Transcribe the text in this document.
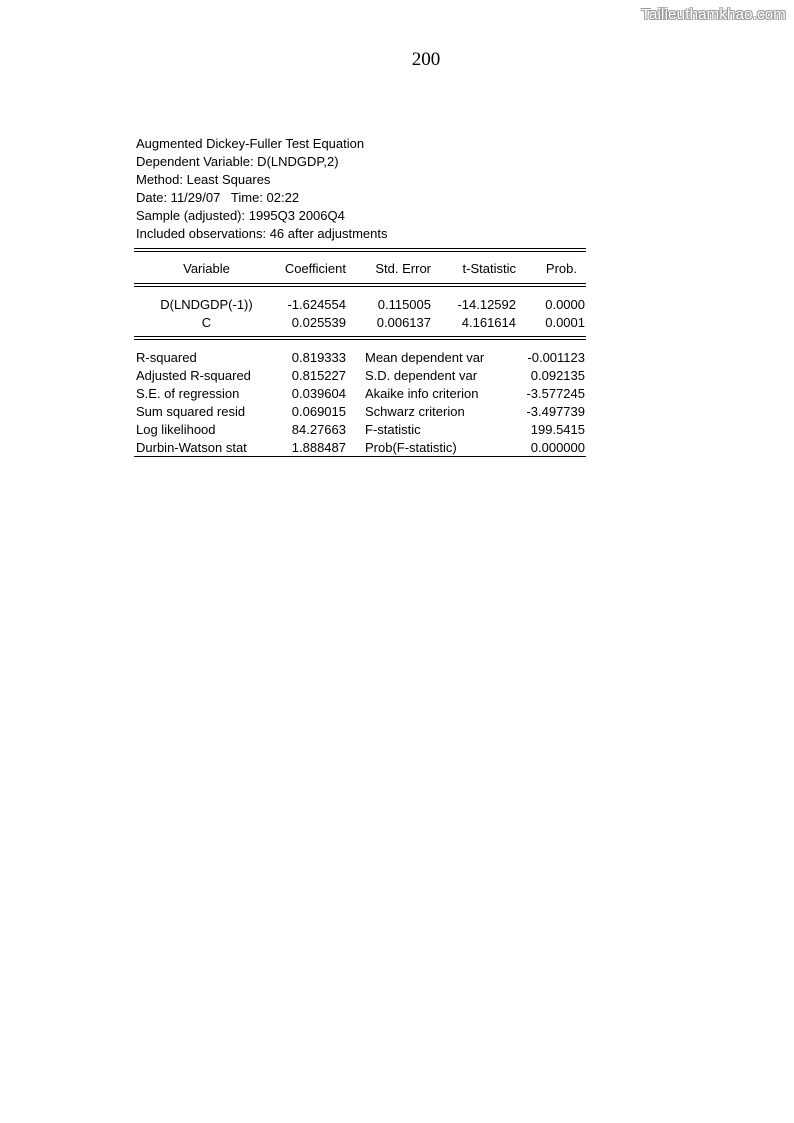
Tailieuthamkhao.com
200
Augmented Dickey-Fuller Test Equation
Dependent Variable: D(LNDGDP,2)
Method: Least Squares
Date: 11/29/07   Time: 02:22
Sample (adjusted): 1995Q3 2006Q4
Included observations: 46 after adjustments
Variable	Coefficient	Std. Error	t-Statistic	Prob.
D(LNDGDP(-1))	-1.624554	0.115005	-14.12592	0.0000
C	0.025539	0.006137	4.161614	0.0001
R-squared	0.819333 Mean dependent var	-0.001123
Adjusted R-squared	0.815227 S.D. dependent var	0.092135
S.E. of regression	0.039604 Akaike info criterion	-3.577245
Sum squared resid	0.069015 Schwarz criterion	-3.497739
Log likelihood	84.27663 F-statistic	199.5415
Durbin-Watson stat	1.888487 Prob(F-statistic)	0.000000
